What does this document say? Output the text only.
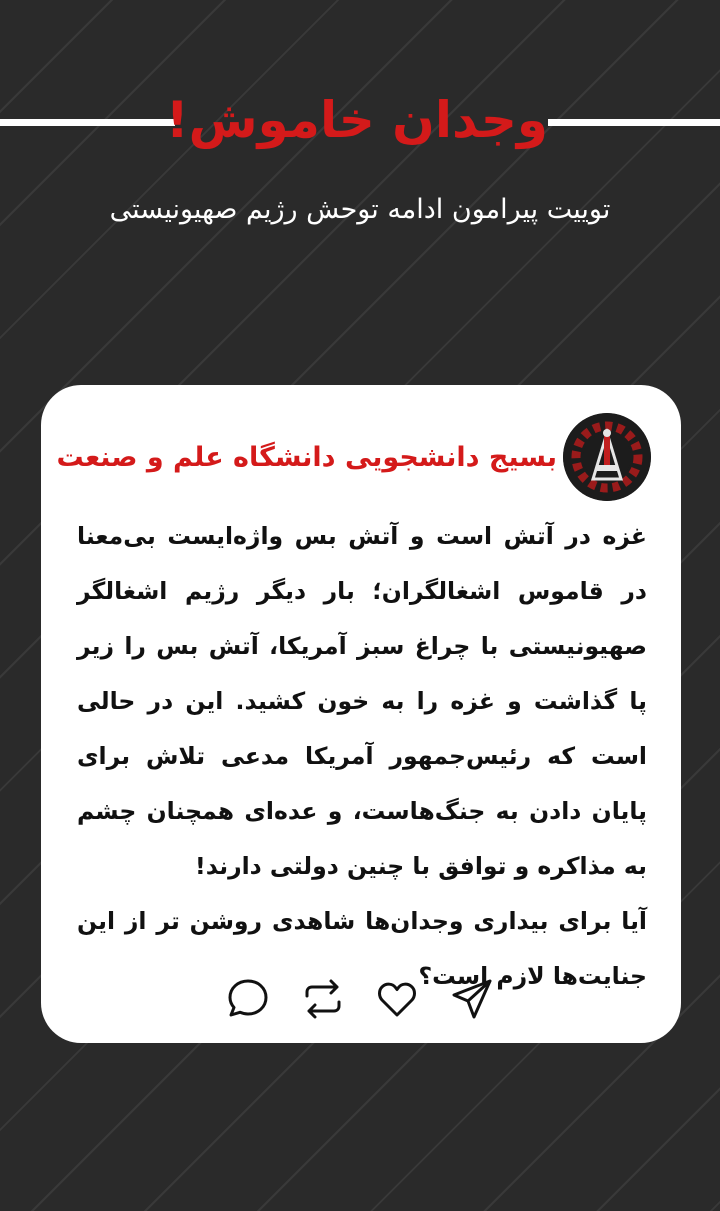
وجدان خاموش!
توییت پیرامون ادامه توحش رژیم صهیونیستی
بسیج دانشجویی دانشگاه علم و صنعت

غزه در آتش است و آتش بس واژه‌ایست بی‌معنا در قاموس اشغالگران؛ بار دیگر رژیم اشغالگر صهیونیستی با چراغ سبز آمریکا، آتش بس را زیر پا گذاشت و غزه را به خون کشید. این در حالی است که رئیس‌جمهور آمریکا مدعی تلاش برای پایان دادن به جنگ‌هاست، و عده‌ای همچنان چشم به مذاکره و توافق با چنین دولتی دارند!

آیا برای بیداری وجدان‌ها شاهدی روشن تر از این جنایت‌ها لازم است؟
